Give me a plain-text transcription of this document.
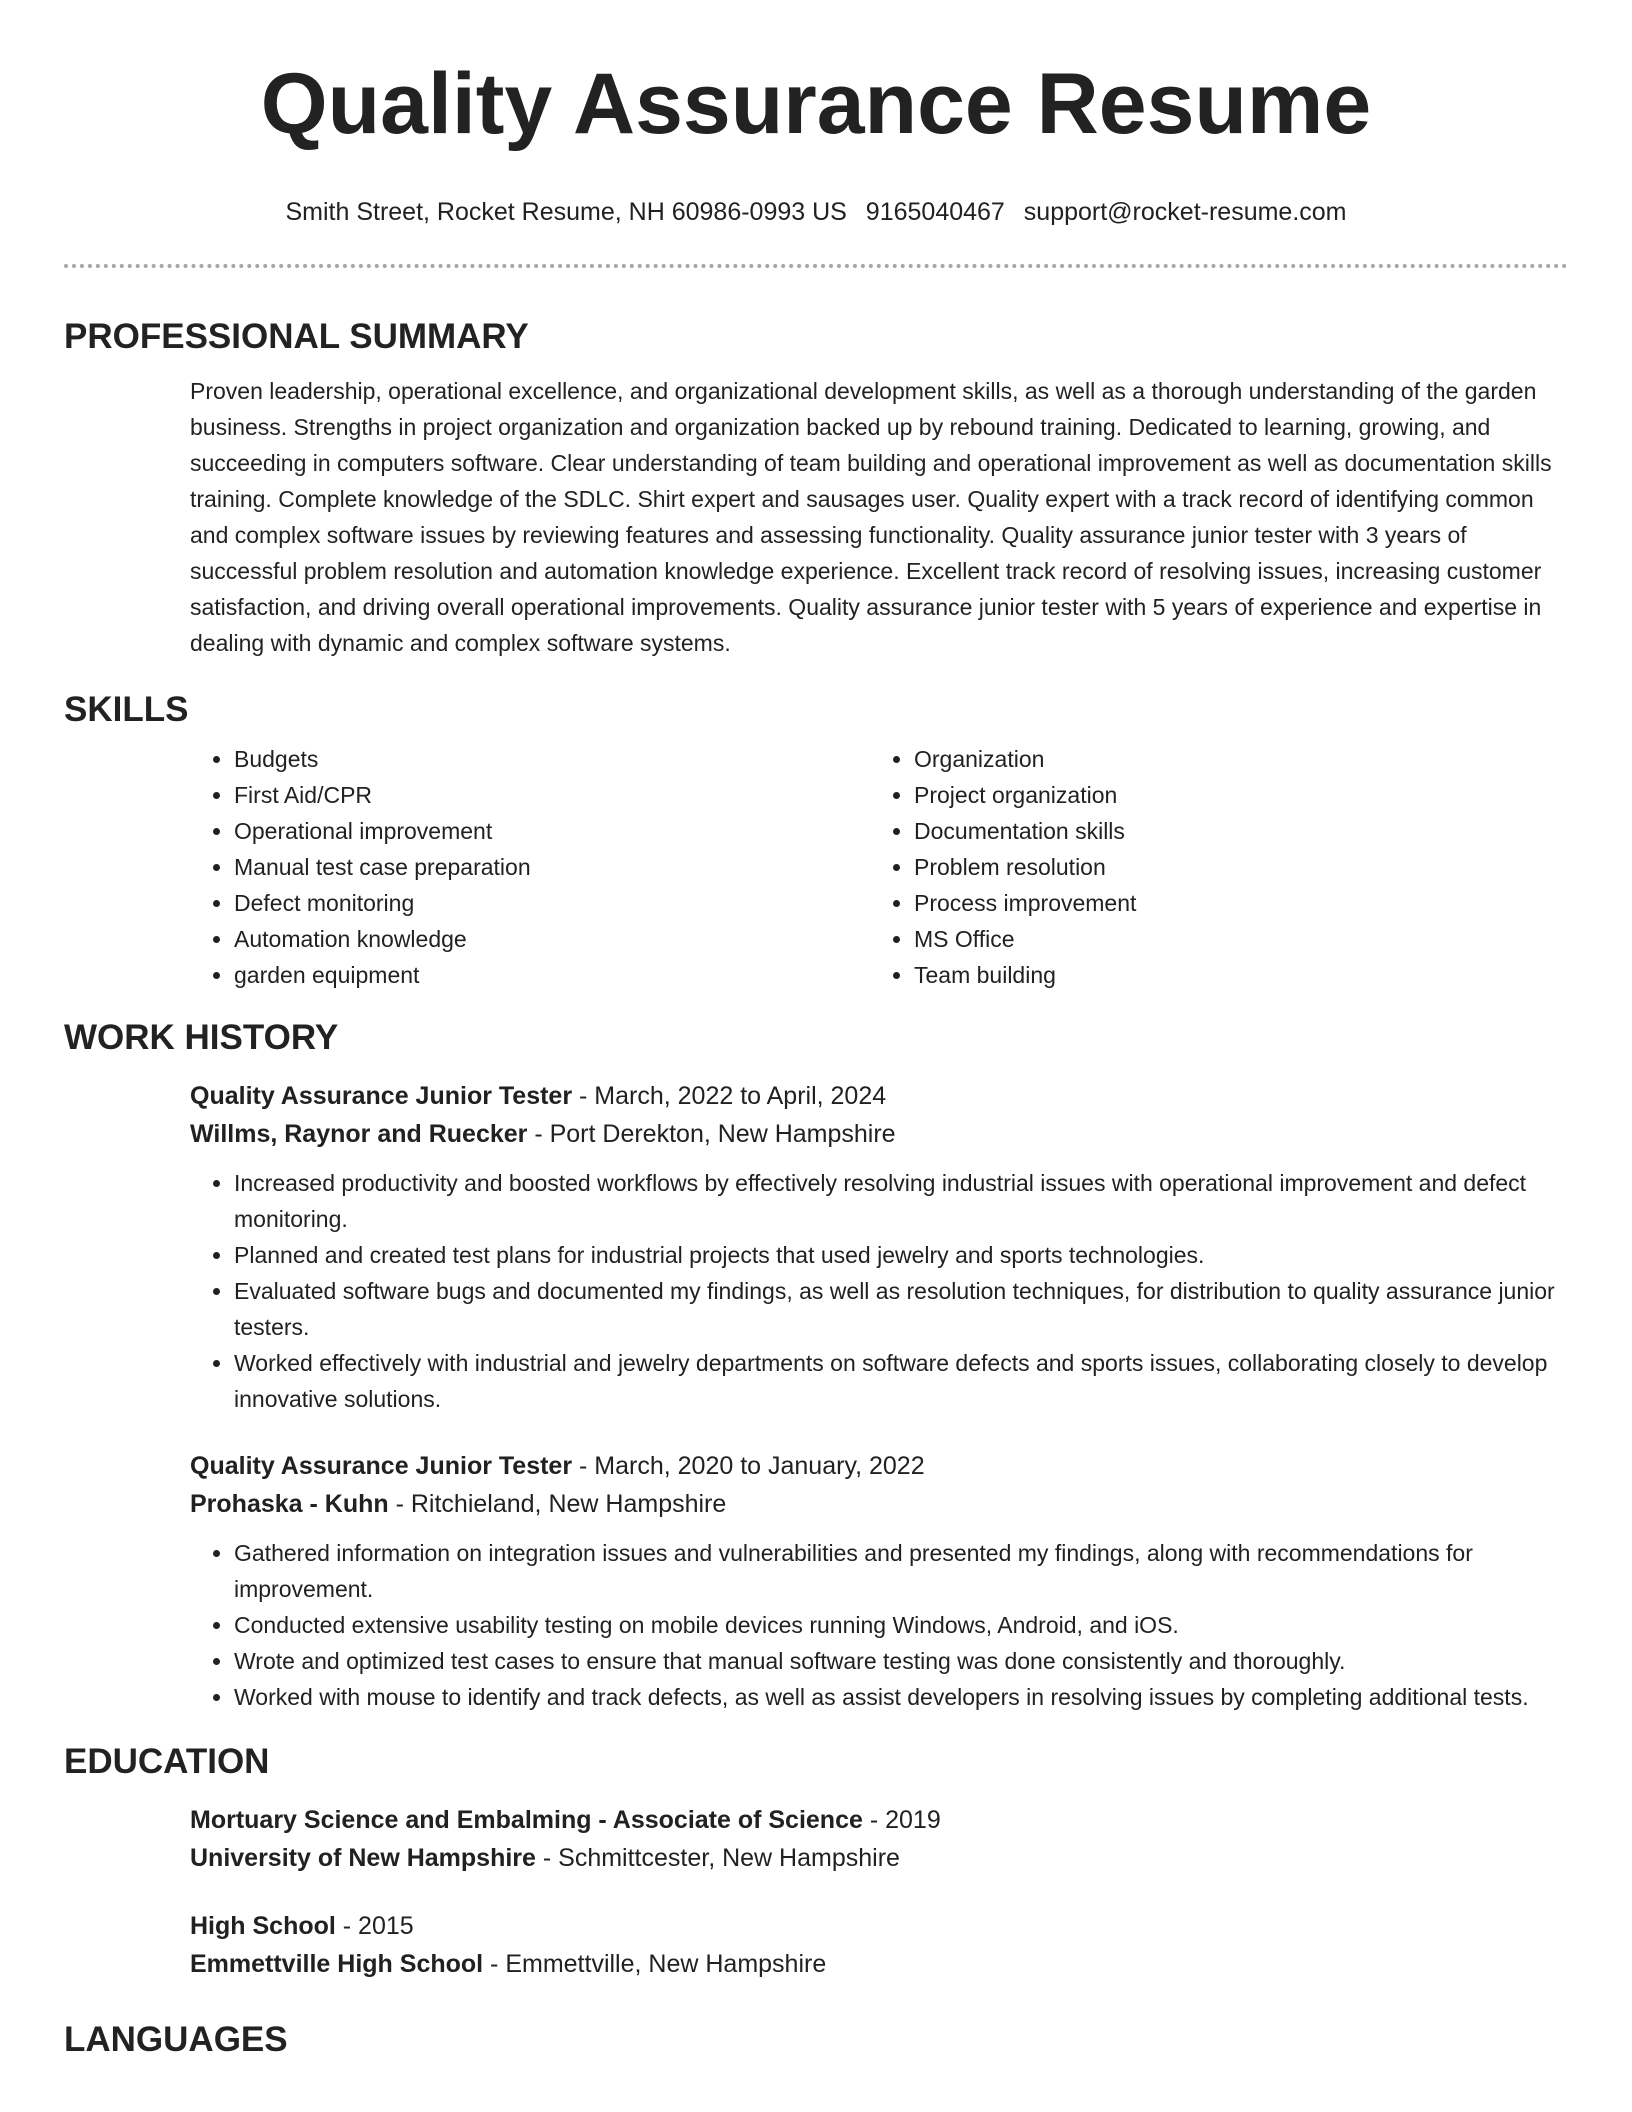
Quality Assurance Resume
Smith Street, Rocket Resume, NH 60986-0993 US 9165040467 support@rocket-resume.com
PROFESSIONAL SUMMARY

Proven leadership, operational excellence, and organizational development skills, as well as a thorough understanding of the garden business. Strengths in project organization and organization backed up by rebound training. Dedicated to learning, growing, and succeeding in computers software. Clear understanding of team building and operational improvement as well as documentation skills training. Complete knowledge of the SDLC. Shirt expert and sausages user. Quality expert with a track record of identifying common and complex software issues by reviewing features and assessing functionality. Quality assurance junior tester with 3 years of successful problem resolution and automation knowledge experience. Excellent track record of resolving issues, increasing customer satisfaction, and driving overall operational improvements. Quality assurance junior tester with 5 years of experience and expertise in dealing with dynamic and complex software systems.

SKILLS
• Budgets
• First Aid/CPR
• Operational improvement
• Manual test case preparation
• Defect monitoring
• Automation knowledge
• garden equipment
• Organization
• Project organization
• Documentation skills
• Problem resolution
• Process improvement
• MS Office
• Team building
WORK HISTORY
Quality Assurance Junior Tester - March, 2022 to April, 2024
Willms, Raynor and Ruecker - Port Derekton, New Hampshire
• Increased productivity and boosted workflows by effectively resolving industrial issues with operational improvement and defect monitoring.
• Planned and created test plans for industrial projects that used jewelry and sports technologies.
• Evaluated software bugs and documented my findings, as well as resolution techniques, for distribution to quality assurance junior testers.
• Worked effectively with industrial and jewelry departments on software defects and sports issues, collaborating closely to develop innovative solutions.
Quality Assurance Junior Tester - March, 2020 to January, 2022
Prohaska - Kuhn - Ritchieland, New Hampshire
• Gathered information on integration issues and vulnerabilities and presented my findings, along with recommendations for improvement.
• Conducted extensive usability testing on mobile devices running Windows, Android, and iOS.
• Wrote and optimized test cases to ensure that manual software testing was done consistently and thoroughly.
• Worked with mouse to identify and track defects, as well as assist developers in resolving issues by completing additional tests.
EDUCATION
Mortuary Science and Embalming - Associate of Science - 2019
University of New Hampshire - Schmittcester, New Hampshire
High School - 2015
Emmettville High School - Emmettville, New Hampshire
LANGUAGES
